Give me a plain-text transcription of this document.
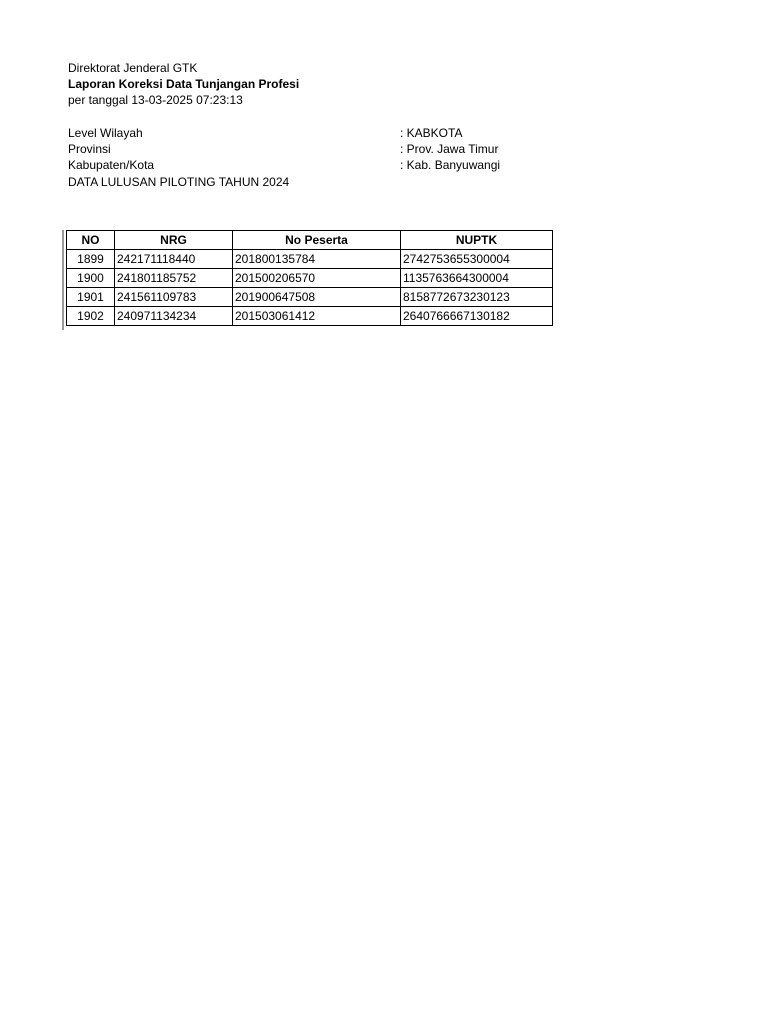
Direktorat Jenderal GTK
Laporan Koreksi Data Tunjangan Profesi
per tanggal 13-03-2025 07:23:13
Level Wilayah	: KABKOTA
Provinsi	: Prov. Jawa Timur
Kabupaten/Kota	: Kab. Banyuwangi
DATA LULUSAN PILOTING TAHUN 2024
NO	NRG	No Peserta	NUPTK
1899	242171118440	201800135784	2742753655300004
1900	241801185752	201500206570	1135763664300004
1901	241561109783	201900647508	8158772673230123
1902	240971134234	201503061412	2640766667130182
